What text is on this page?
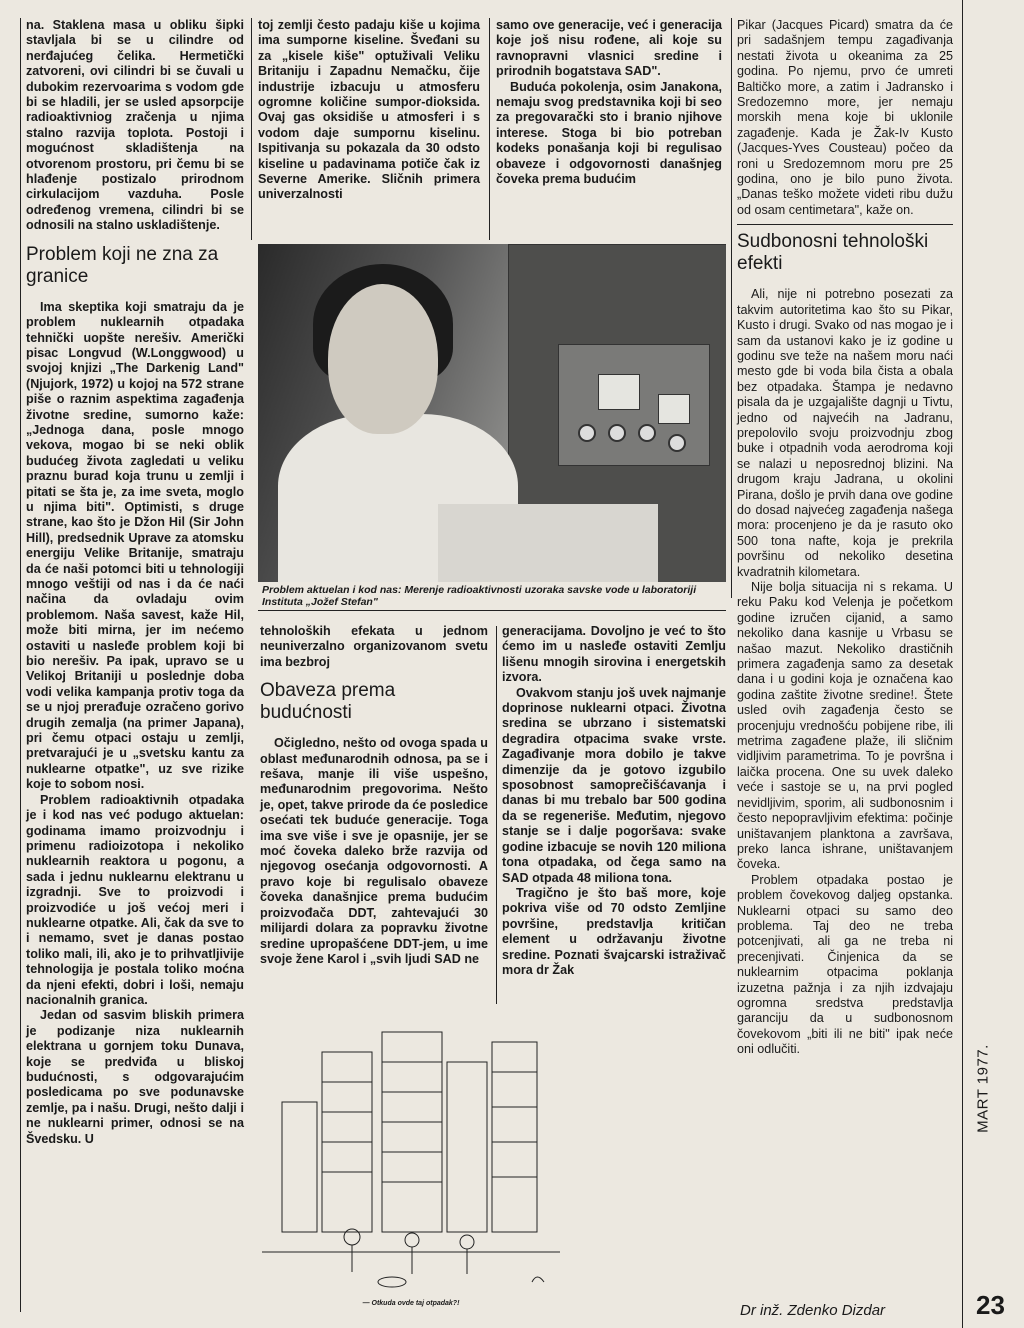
na. Staklena masa u obliku šipki stavljala bi se u cilindre od nerđajućeg čelika. Hermetički zatvoreni, ovi cilindri bi se čuvali u dubokim rezervoarima s vodom gde bi se hladili, jer se usled apsorpcije radioaktivniog zračenja u njima stalno razvija toplota. Postoji i mogućnost skladištenja na otvorenom prostoru, pri čemu bi se hlađenje postizalo prirodnom cirkulacijom vazduha. Posle određenog vremena, cilindri bi se odnosili na stalno uskladištenje.

Problem koji ne zna za granice

Ima skeptika koji smatraju da je problem nuklearnih otpadaka tehnički uopšte nerešiv. Američki pisac Longvud (W.Longgwood) u svojoj knjizi „The Darkenig Land" (Njujork, 1972) u kojoj na 572 strane piše o raznim aspektima zagađenja životne sredine, sumorno kaže: „Jednoga dana, posle mnogo vekova, mogao bi se neki oblik budućeg života zagledati u veliku praznu burad koja trunu u zemlji i pitati se šta je, za ime sveta, moglo u njima biti". Optimisti, s druge strane, kao što je Džon Hil (Sir John Hill), predsednik Uprave za atomsku energiju Velike Britanije, smatraju da će naši potomci biti u tehnologiji mnogo veštiji od nas i da će naći načina da ovladaju ovim problemom. Naša savest, kaže Hil, može biti mirna, jer im nećemo ostaviti u nasleđe problem koji bi bio nerešiv. Pa ipak, upravo se u Velikoj Britaniji u poslednje doba vodi velika kampanja protiv toga da se u njoj prerađuje ozračeno gorivo drugih zemalja (na primer Japana), pri čemu otpaci ostaju u zemlji, pretvarajući je u „svetsku kantu za nuklearne otpatke", uz sve rizike koje to sobom nosi.

Problem radioaktivnih otpadaka je i kod nas već podugo aktuelan: godinama imamo proizvodnju i primenu radioizotopa i nekoliko nuklearnih reaktora u pogonu, a sada i jednu nuklearnu elektranu u izgradnji. Sve to proizvodi i proizvodiće u još većoj meri i nuklearne otpatke. Ali, čak da sve to i nemamo, svet je danas postao toliko mali, ili, ako je to prihvatljivije tehnologija je postala toliko moćna da njeni efekti, dobri i loši, nemaju nacionalnih granica.

Jedan od sasvim bliskih primera je podizanje niza nuklearnih elektrana u gornjem toku Dunava, koje se predviđa u bliskoj budućnosti, s odgovarajućim posledicama po sve podunavske zemlje, pa i našu. Drugi, nešto dalji i ne nuklearni primer, odnosi se na Švedsku. U

toj zemlji često padaju kiše u kojima ima sumporne kiseline. Šveđani su za „kisele kiše" optuživali Veliku Britaniju i Zapadnu Nemačku, čije industrije izbacuju u atmosferu ogromne količine sumpor-dioksida. Ovaj gas oksidiše u atmosferi i s vodom daje sumpornu kiselinu. Ispitivanja su pokazala da 30 odsto kiseline u padavinama potiče čak iz Severne Amerike. Sličnih primera univerzalnosti

samo ove generacije, već i generacija koje još nisu rođene, ali koje su ravnopravni vlasnici sredine i prirodnih bogatstava SAD".

Buduća pokolenja, osim Janakona, nemaju svog predstavnika koji bi seo za pregovarački sto i branio njihove interese. Stoga bi bio potreban kodeks ponašanja koji bi regulisao obaveze i odgovornosti današnjeg čoveka prema budućim

Problem aktuelan i kod nas: Merenje radioaktivnosti uzoraka savske vode u laboratoriji Instituta „Jožef Stefan"

tehnoloških efekata u jednom neuniverzalno organizovanom svetu ima bezbroj

Obaveza prema budućnosti

Očigledno, nešto od ovoga spada u oblast međunarodnih odnosa, pa se i rešava, manje ili više uspešno, međunarodnim pregovorima. Nešto je, opet, takve prirode da će posledice osećati tek buduće generacije. Toga ima sve više i sve je opasnije, jer se moć čoveka daleko brže razvija od njegovog osećanja odgovornosti. A pravo koje bi regulisalo obaveze čoveka današnjice prema budućim proizvođača DDT, zahtevajući 30 milijardi dolara za popravku životne sredine upropašćene DDT-jem, u ime svoje žene Karol i „svih ljudi SAD ne

generacijama. Dovoljno je već to što ćemo im u nasleđe ostaviti Zemlju lišenu mnogih sirovina i energetskih izvora.

Ovakvom stanju još uvek najmanje doprinose nuklearni otpaci. Životna sredina se ubrzano i sistematski degradira otpacima svake vrste. Zagađivanje mora dobilo je takve dimenzije da je gotovo izgubilo sposobnost samoprečišćavanja i danas bi mu trebalo bar 500 godina da se regeneriše. Međutim, njegovo stanje se i dalje pogoršava: svake godine izbacuje se novih 120 miliona tona otpadaka, od čega samo na SAD otpada 48 miliona tona.

Tragično je što baš more, koje pokriva više od 70 odsto Zemljine površine, predstavlja kritičan element u održavanju životne sredine. Poznati švajcarski istraživač mora dr Žak

— Otkuda ovde taj otpadak?!

Pikar (Jacques Picard) smatra da će pri sadašnjem tempu zagađivanja nestati života u okeanima za 25 godina. Po njemu, prvo će umreti Baltičko more, a zatim i Jadransko i Sredozemno more, jer nemaju morskih mena koje bi uklonile zagađenje. Kada je Žak-Iv Kusto (Jacques-Yves Cousteau) počeo da roni u Sredozemnom moru pre 25 godina, ono je bilo puno života. „Danas teško možete videti ribu dužu od osam centimetara", kaže on.

Sudbonosni tehnološki efekti

Ali, nije ni potrebno posezati za takvim autoritetima kao što su Pikar, Kusto i drugi. Svako od nas mogao je i sam da ustanovi kako je iz godine u godinu sve teže na našem moru naći mesto gde bi voda bila čista a obala bez otpadaka. Štampa je nedavno pisala da je uzgajalište dagnji u Tivtu, jedno od najvećih na Jadranu, prepolovilo svoju proizvodnju zbog buke i otpadnih voda aerodroma koji se nalazi u neposrednoj blizini. Na drugom kraju Jadrana, u okolini Pirana, došlo je prvih dana ove godine do dosad najvećeg zagađenja našega mora: procenjeno je da je rasuto oko 500 tona nafte, koja je prekrila površinu od nekoliko desetina kvadratnih kilometara.

Nije bolja situacija ni s rekama. U reku Paku kod Velenja je početkom godine izručen cijanid, a samo nekoliko dana kasnije u Vrbasu se našao mazut. Nekoliko drastičnih primera zagađenja samo za desetak dana i u godini koja je označena kao godina zaštite životne sredine!. Štete usled ovih zagađenja često se procenjuju vrednošću pobijene ribe, ili metrima zagađene plaže, ili sličnim vidljivim parametrima. To je površna i laička procena. One su uvek daleko veće i sastoje se u, na prvi pogled nevidljivim, sporim, ali sudbonosnim i često nepopravljivim efektima: počinje uništavanjem planktona a završava, preko lanca ishrane, uništavanjem čoveka.

Problem otpadaka postao je problem čovekovog daljeg opstanka. Nuklearni otpaci su samo deo problema. Taj deo ne treba potcenjivati, ali ga ne treba ni precenjivati. Činjenica da se nuklearnim otpacima poklanja izuzetna pažnja i za njih izdvajaju ogromna sredstva predstavlja garanciju da u sudbonosnom čovekovom „biti ili ne biti" ipak neće oni odlučiti.

Dr inž. Zdenko Dizdar
MART 1977.
23
